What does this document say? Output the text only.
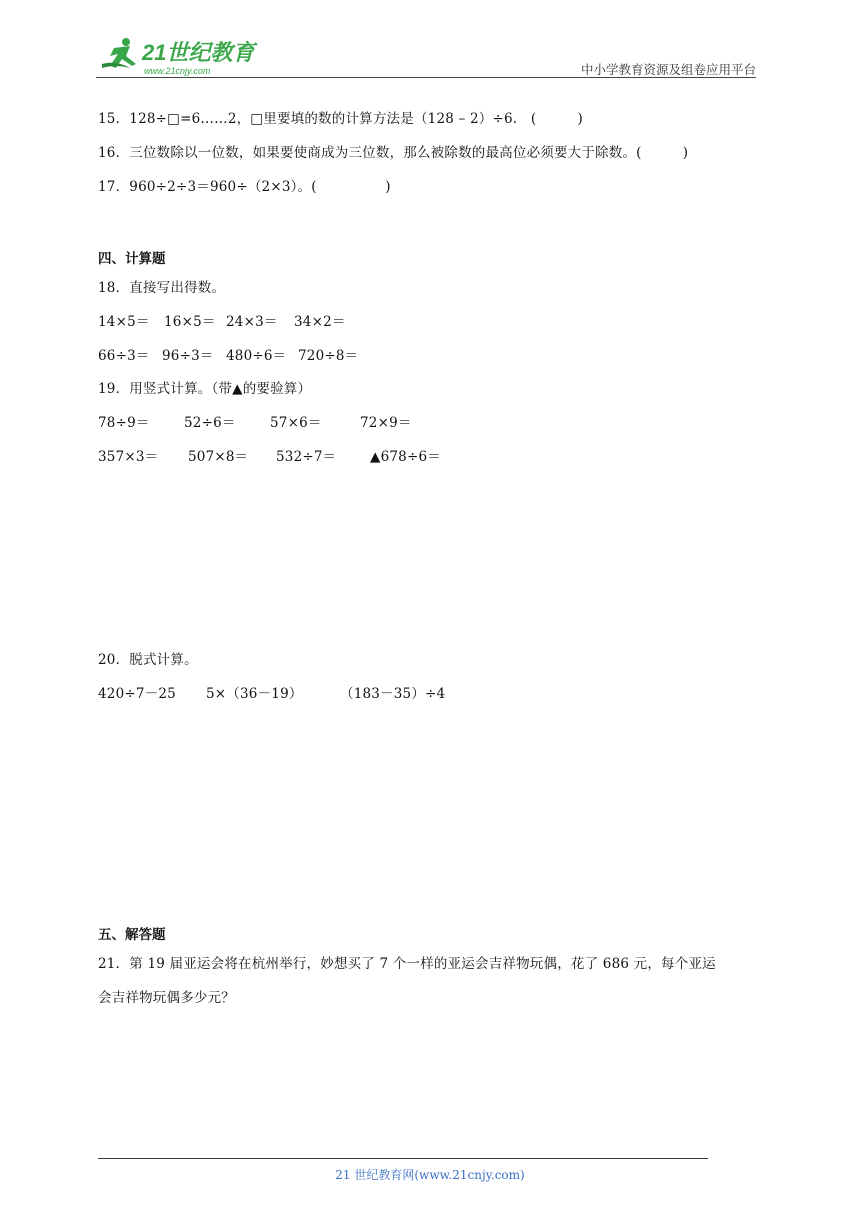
21世纪教育
www.21cnjy.com	中小学教育资源及组卷应用平台
15．128÷□=6……2，□里要填的数的计算方法是（128 – 2）÷6.　(　　　)
16．三位数除以一位数，如果要使商成为三位数，那么被除数的最高位必须要大于除数。(　　　)
17．960÷2÷3＝960÷（2×3）。(　　　　　)
四、计算题
18．直接写出得数。
14×5＝ 16×5＝ 24×3＝ 34×2＝
66÷3＝ 96÷3＝ 480÷6＝ 720÷8＝
19．用竖式计算。（带▲的要验算）
78÷9＝	52÷6＝	57×6＝	72×9＝
357×3＝ 507×8＝ 532÷7＝ ▲678÷6＝
20．脱式计算。
420÷7－25 5×（36－19）	（183－35）÷4
五、解答题
21．第 19 届亚运会将在杭州举行，妙想买了 7 个一样的亚运会吉祥物玩偶，花了 686 元，每个亚运
会吉祥物玩偶多少元？
21 世纪教育网(www.21cnjy.com)
